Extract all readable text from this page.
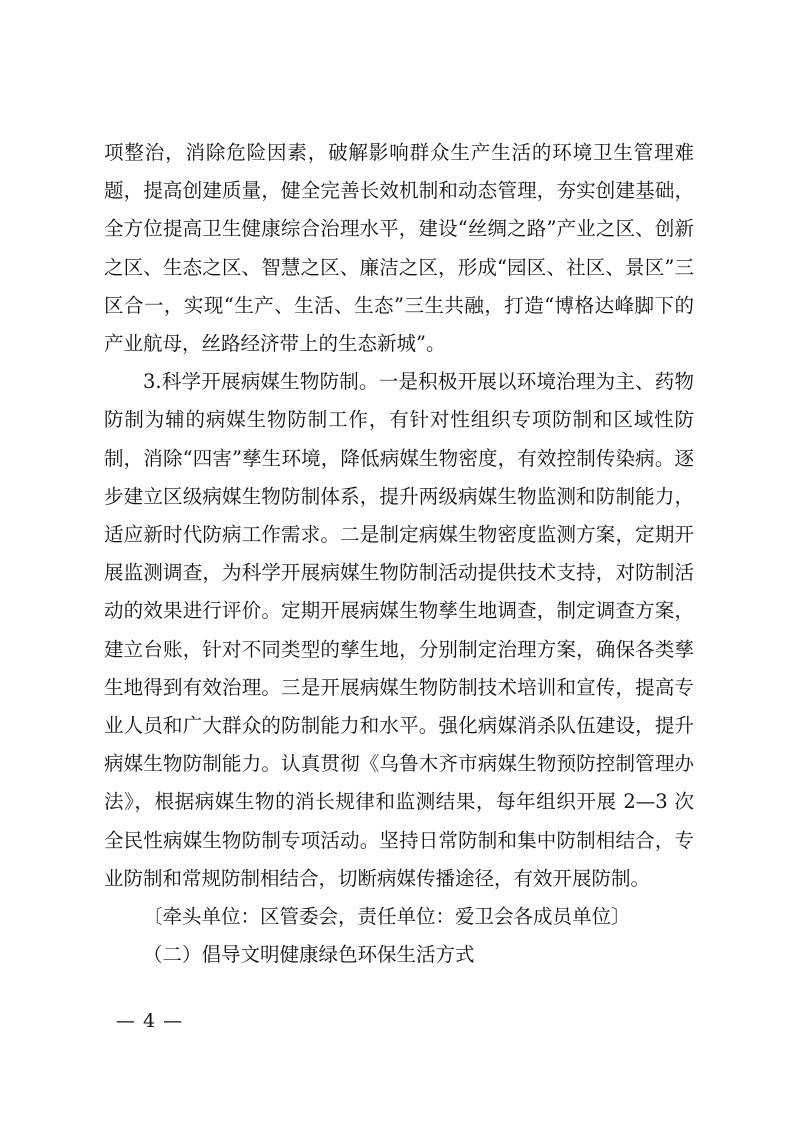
项整治，消除危险因素，破解影响群众生产生活的环境卫生管理难题，提高创建质量，健全完善长效机制和动态管理，夯实创建基础，全方位提高卫生健康综合治理水平，建设“丝绸之路”产业之区、创新之区、生态之区、智慧之区、廉洁之区，形成“园区、社区、景区”三区合一，实现“生产、生活、生态”三生共融，打造“博格达峰脚下的产业航母，丝路经济带上的生态新城”。

3.科学开展病媒生物防制。一是积极开展以环境治理为主、药物防制为辅的病媒生物防制工作，有针对性组织专项防制和区域性防制，消除“四害”孳生环境，降低病媒生物密度，有效控制传染病。逐步建立区级病媒生物防制体系，提升两级病媒生物监测和防制能力，适应新时代防病工作需求。二是制定病媒生物密度监测方案，定期开展监测调查，为科学开展病媒生物防制活动提供技术支持，对防制活动的效果进行评价。定期开展病媒生物孳生地调查，制定调查方案，建立台账，针对不同类型的孳生地，分别制定治理方案，确保各类孳生地得到有效治理。三是开展病媒生物防制技术培训和宣传，提高专业人员和广大群众的防制能力和水平。强化病媒消杀队伍建设，提升病媒生物防制能力。认真贯彻《乌鲁木齐市病媒生物预防控制管理办法》，根据病媒生物的消长规律和监测结果，每年组织开展 2—3 次全民性病媒生物防制专项活动。坚持日常防制和集中防制相结合，专业防制和常规防制相结合，切断病媒传播途径，有效开展防制。

〔牵头单位：区管委会，责任单位：爱卫会各成员单位〕

（二）倡导文明健康绿色环保生活方式

— 4 —
